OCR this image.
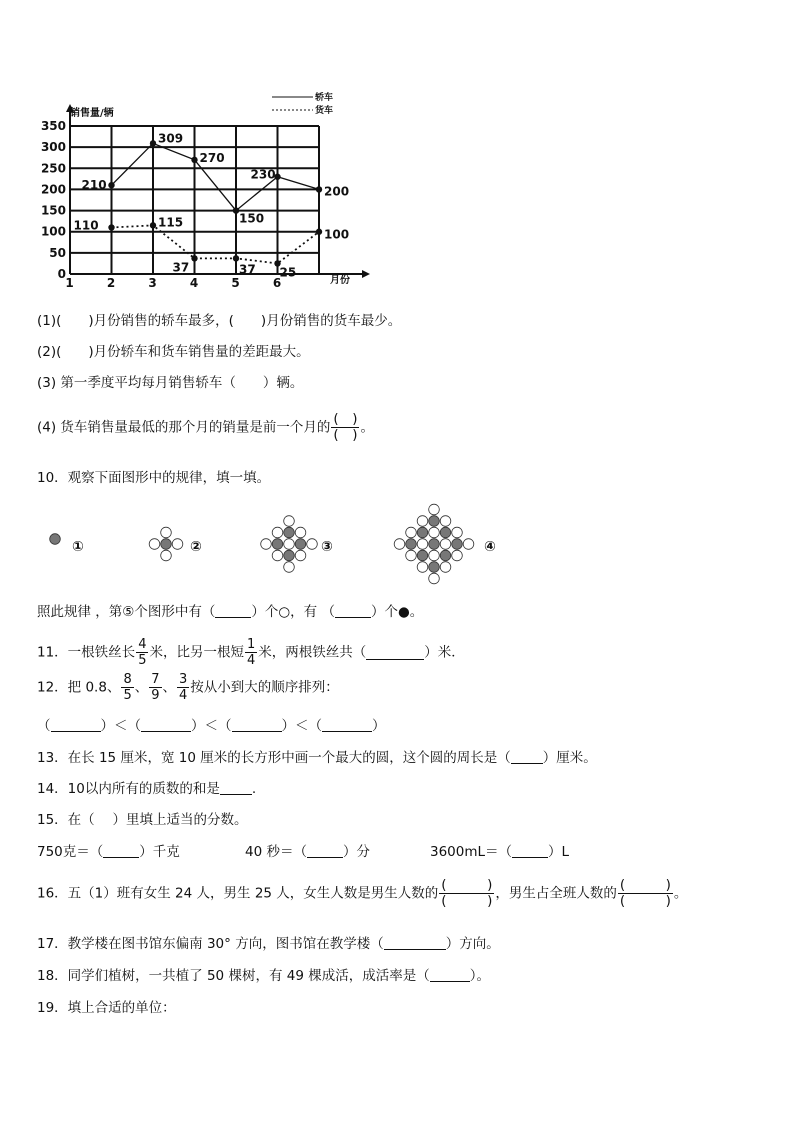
0
50
100
150
200
250
300
350
1	2	3	4	5	6
210
309
270
150
230
200
110	115
37	37 25
100
轿车
货车
销售量/辆
月份
(1)(　　)月份销售的轿车最多，(　　)月份销售的货车最少。
(2)(　　)月份轿车和货车销售量的差距最大。
(3) 第一季度平均每月销售轿车（　　）辆。
(4) 货车销售量最低的那个月的销量是前一个月的 $\frac{( )}{( )}$ 。
10．观察下面图形中的规律，填一填。
①	②	③	④
照此规律 ，第⑤个图形中有（	）个○，有 （	）个●。
11．一根铁丝长 $\frac{4}{5}$ 米，比另一根短 $\frac{1}{4}$ 米，两根铁丝共（	）米．
12．把 0.8、 $\frac{8}{5}$ 、 $\frac{7}{9}$ 、 $\frac{3}{4}$ 按从小到大的顺序排列：
（	）＜（	）＜（	）＜（	）
13．在长 15 厘米，宽 10 厘米的长方形中画一个最大的圆，这个圆的周长是（ ）厘米。
14．10以内所有的质数的和是 .
15．在（　 ）里填上适当的分数。
750克＝（	）千克	40 秒＝（	）分	3600mL＝（	）L
16．五（1）班有女生 24 人，男生 25 人，女生人数是男生人数的 $\frac{( )}{( )}$ ，男生占全班人数的 $\frac{( )}{( )}$ 。
17．教学楼在图书馆东偏南 30° 方向，图书馆在教学楼（	）方向。
18．同学们植树，一共植了 50 棵树，有 49 棵成活，成活率是（	）。
19．填上合适的单位：
